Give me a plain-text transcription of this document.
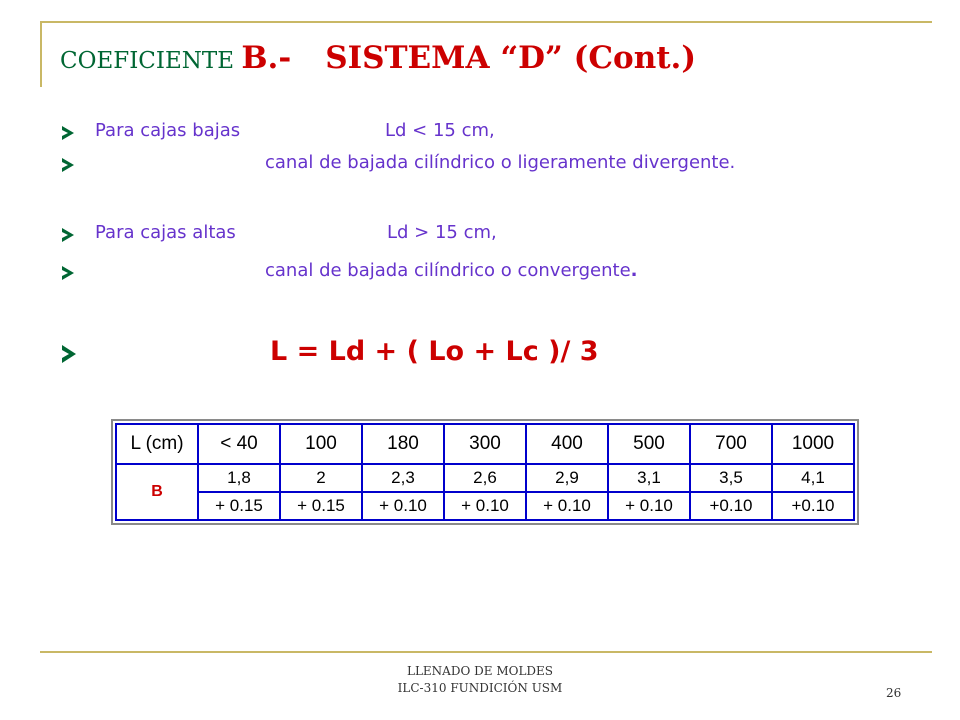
COEFICIENTE B.- SISTEMA “D” (Cont.)
Para cajas bajas	Ld < 15 cm,
canal de bajada cilíndrico o ligeramente divergente.
Para cajas altas	Ld > 15 cm,
canal de bajada cilíndrico o convergente.
L = Ld + ( Lo + Lc )/ 3
L (cm)	< 40	100	180	300	400	500	700	1000
B	1,8	2	2,3	2,6	2,9	3,1	3,5	4,1
	+ 0.15	+ 0.15	+ 0.10	+ 0.10	+ 0.10	+ 0.10	+0.10	+0.10
LLENADO DE MOLDES
ILC-310 FUNDICIÓN USM	26
